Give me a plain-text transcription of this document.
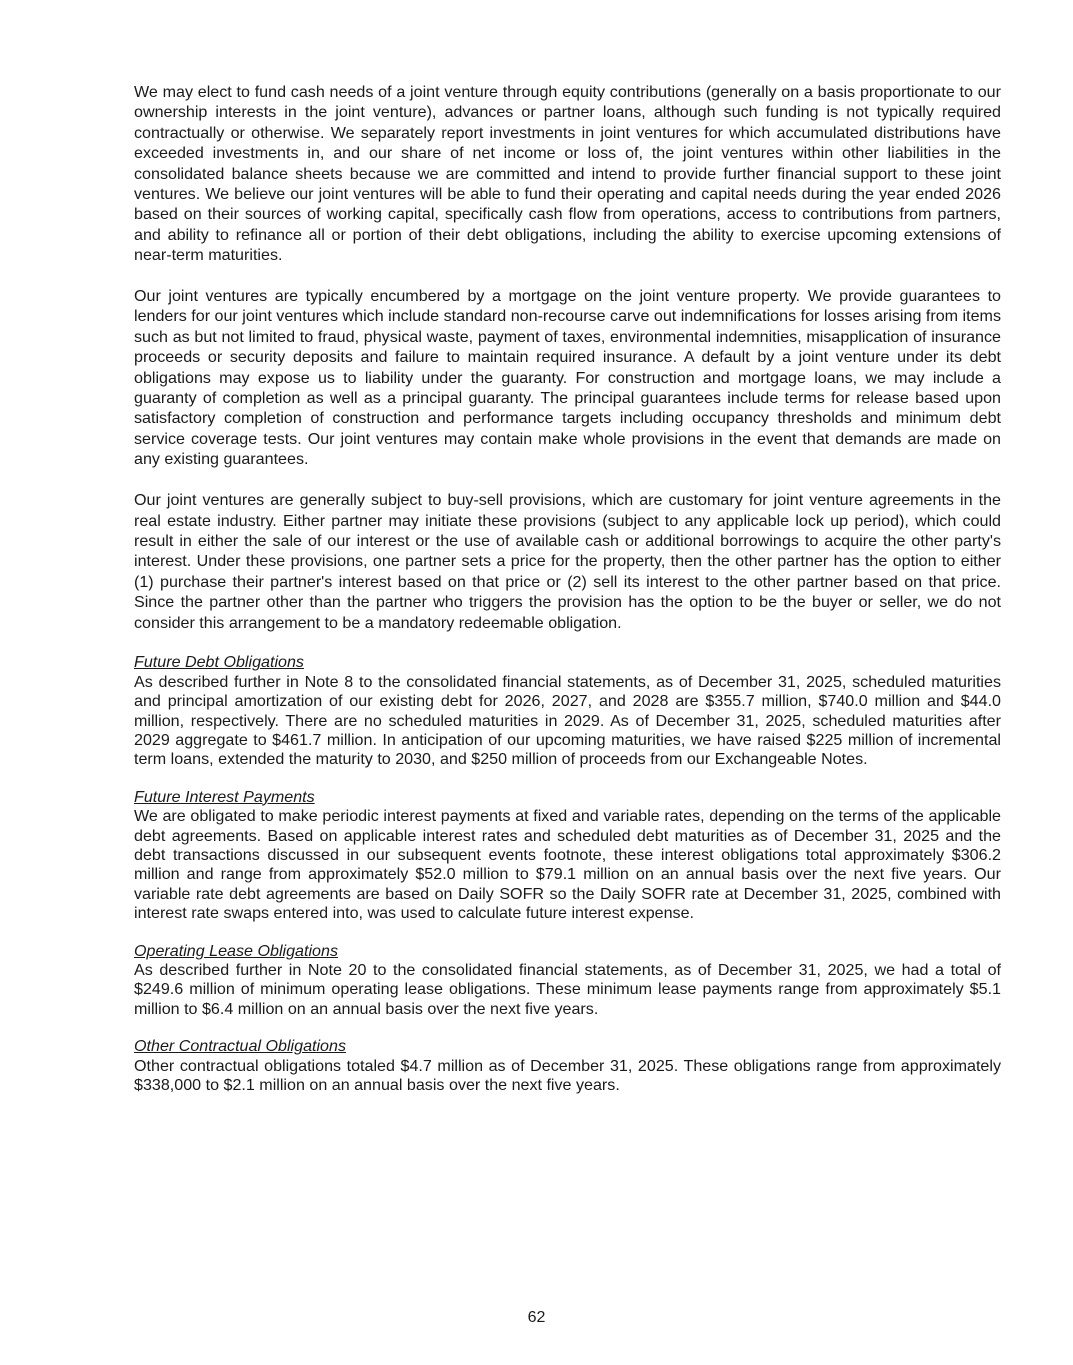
We may elect to fund cash needs of a joint venture through equity contributions (generally on a basis proportionate to our ownership interests in the joint venture), advances or partner loans, although such funding is not typically required contractually or otherwise. We separately report investments in joint ventures for which accumulated distributions have exceeded investments in, and our share of net income or loss of, the joint ventures within other liabilities in the consolidated balance sheets because we are committed and intend to provide further financial support to these joint ventures. We believe our joint ventures will be able to fund their operating and capital needs during the year ended 2026 based on their sources of working capital, specifically cash flow from operations, access to contributions from partners, and ability to refinance all or portion of their debt obligations, including the ability to exercise upcoming extensions of near-term maturities.

Our joint ventures are typically encumbered by a mortgage on the joint venture property. We provide guarantees to lenders for our joint ventures which include standard non-recourse carve out indemnifications for losses arising from items such as but not limited to fraud, physical waste, payment of taxes, environmental indemnities, misapplication of insurance proceeds or security deposits and failure to maintain required insurance. A default by a joint venture under its debt obligations may expose us to liability under the guaranty. For construction and mortgage loans, we may include a guaranty of completion as well as a principal guaranty. The principal guarantees include terms for release based upon satisfactory completion of construction and performance targets including occupancy thresholds and minimum debt service coverage tests. Our joint ventures may contain make whole provisions in the event that demands are made on any existing guarantees.

Our joint ventures are generally subject to buy-sell provisions, which are customary for joint venture agreements in the real estate industry. Either partner may initiate these provisions (subject to any applicable lock up period), which could result in either the sale of our interest or the use of available cash or additional borrowings to acquire the other party's interest. Under these provisions, one partner sets a price for the property, then the other partner has the option to either (1) purchase their partner's interest based on that price or (2) sell its interest to the other partner based on that price. Since the partner other than the partner who triggers the provision has the option to be the buyer or seller, we do not consider this arrangement to be a mandatory redeemable obligation.

Future Debt Obligations

As described further in Note 8 to the consolidated financial statements, as of December 31, 2025, scheduled maturities and principal amortization of our existing debt for 2026, 2027, and 2028 are $355.7 million, $740.0 million and $44.0 million, respectively. There are no scheduled maturities in 2029. As of December 31, 2025, scheduled maturities after 2029 aggregate to $461.7 million. In anticipation of our upcoming maturities, we have raised $225 million of incremental term loans, extended the maturity to 2030, and $250 million of proceeds from our Exchangeable Notes.

Future Interest Payments

We are obligated to make periodic interest payments at fixed and variable rates, depending on the terms of the applicable debt agreements. Based on applicable interest rates and scheduled debt maturities as of December 31, 2025 and the debt transactions discussed in our subsequent events footnote, these interest obligations total approximately $306.2 million and range from approximately $52.0 million to $79.1 million on an annual basis over the next five years. Our variable rate debt agreements are based on Daily SOFR so the Daily SOFR rate at December 31, 2025, combined with interest rate swaps entered into, was used to calculate future interest expense.

Operating Lease Obligations

As described further in Note 20 to the consolidated financial statements, as of December 31, 2025, we had a total of $249.6 million of minimum operating lease obligations. These minimum lease payments range from approximately $5.1 million to $6.4 million on an annual basis over the next five years.

Other Contractual Obligations

Other contractual obligations totaled $4.7 million as of December 31, 2025. These obligations range from approximately $338,000 to $2.1 million on an annual basis over the next five years.

62
